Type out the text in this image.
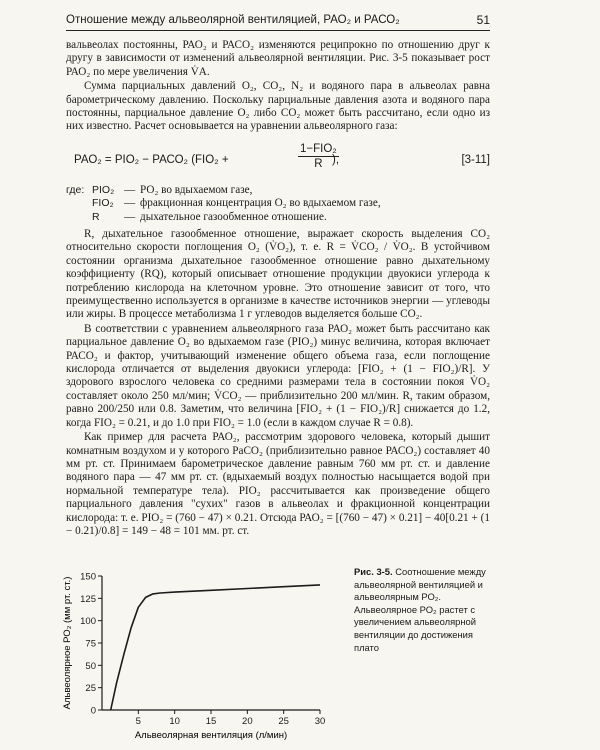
Отношение между альвеолярной вентиляцией, РАО₂ и РАСО₂	51

вальвеолах постоянны, РАО₂ и РАСО₂ изменяются реципрокно по отношению друг к другу в зависимости от изменений альвеолярной вентиляции. Рис. 3-5 показывает рост РАО₂ по мере увеличения V̇А.

Сумма парциальных давлений О₂, СО₂, N₂ и водяного пара в альвеолах равна барометрическому давлению. Поскольку парциальные давления азота и водяного пара постоянны, парциальное давление О₂ либо СО₂ может быть рассчитано, если одно из них известно. Расчет основывается на уравнении альвеолярного газа:

РАО₂ = РIО₂ − РАСО₂ (FIО₂ +
1−FIО₂
R ),	[3-11]
где: РIО₂ — РО₂ во вдыхаемом газе,
FIО₂ — фракционная концентрация О₂ во вдыхаемом газе,
R — дыхательное газообменное отношение.

R, дыхательное газообменное отношение, выражает скорость выделения СО₂ относительно скорости поглощения О₂ (V̇О₂), т. е. R = V̇СО₂ / V̇О₂. В устойчивом состоянии организма дыхательное газообменное отношение равно дыхательному коэффициенту (RQ), который описывает отношение продукции двуокиси углерода к потреблению кислорода на клеточном уровне. Это отношение зависит от того, что преимущественно используется в организме в качестве источников энергии — углеводы или жиры. В процессе метаболизма 1 г углеводов выделяется больше СО₂.

В соответствии с уравнением альвеолярного газа РАО₂ может быть рассчитано как парциальное давление О₂ во вдыхаемом газе (РIО₂) минус величина, которая включает РАСО₂ и фактор, учитывающий изменение общего объема газа, если поглощение кислорода отличается от выделения двуокиси углерода: [FIО₂ + (1 − FIО₂)/R]. У здорового взрослого человека со средними размерами тела в состоянии покоя V̇О₂ составляет около 250 мл/мин; V̇СО₂ — приблизительно 200 мл/мин. R, таким образом, равно 200/250 или 0.8. Заметим, что величина [FIО₂ + (1 − FIО₂)/R] снижается до 1.2, когда FIО₂ = 0.21, и до 1.0 при FIО₂ = 1.0 (если в каждом случае R = 0.8).

Как пример для расчета РАО₂, рассмотрим здорового человека, который дышит комнатным воздухом и у которого РаСО₂ (приблизительно равное РАСО₂) составляет 40 мм рт. ст. Принимаем барометрическое давление равным 760 мм рт. ст. и давление водяного пара — 47 мм рт. ст. (вдыхаемый воздух полностью насыщается водой при нормальной температуре тела). РIО₂ рассчитывается как произведение общего парциального давления "сухих" газов в альвеолах и фракционной концентрации кислорода: т. е. РIО₂ = (760 − 47) × 0.21. Отсюда РАО₂ = [(760 − 47) × 0.21] − 40[0.21 + (1 − 0.21)/0.8] = 149 − 48 = 101 мм. рт. ст.

0
25
50
75
100
125
150
5	10	15	20	25	30
Альвеолярная вентиляция (л/мин)
Альвеолярное РО₂ (мм рт. ст.)
Рис. 3-5. Соотношение между альвеолярной вентиляцией и альвеолярным РО₂. Альвеолярное РО₂ растет с увеличением альвеолярной вентиляции до достижения плато
